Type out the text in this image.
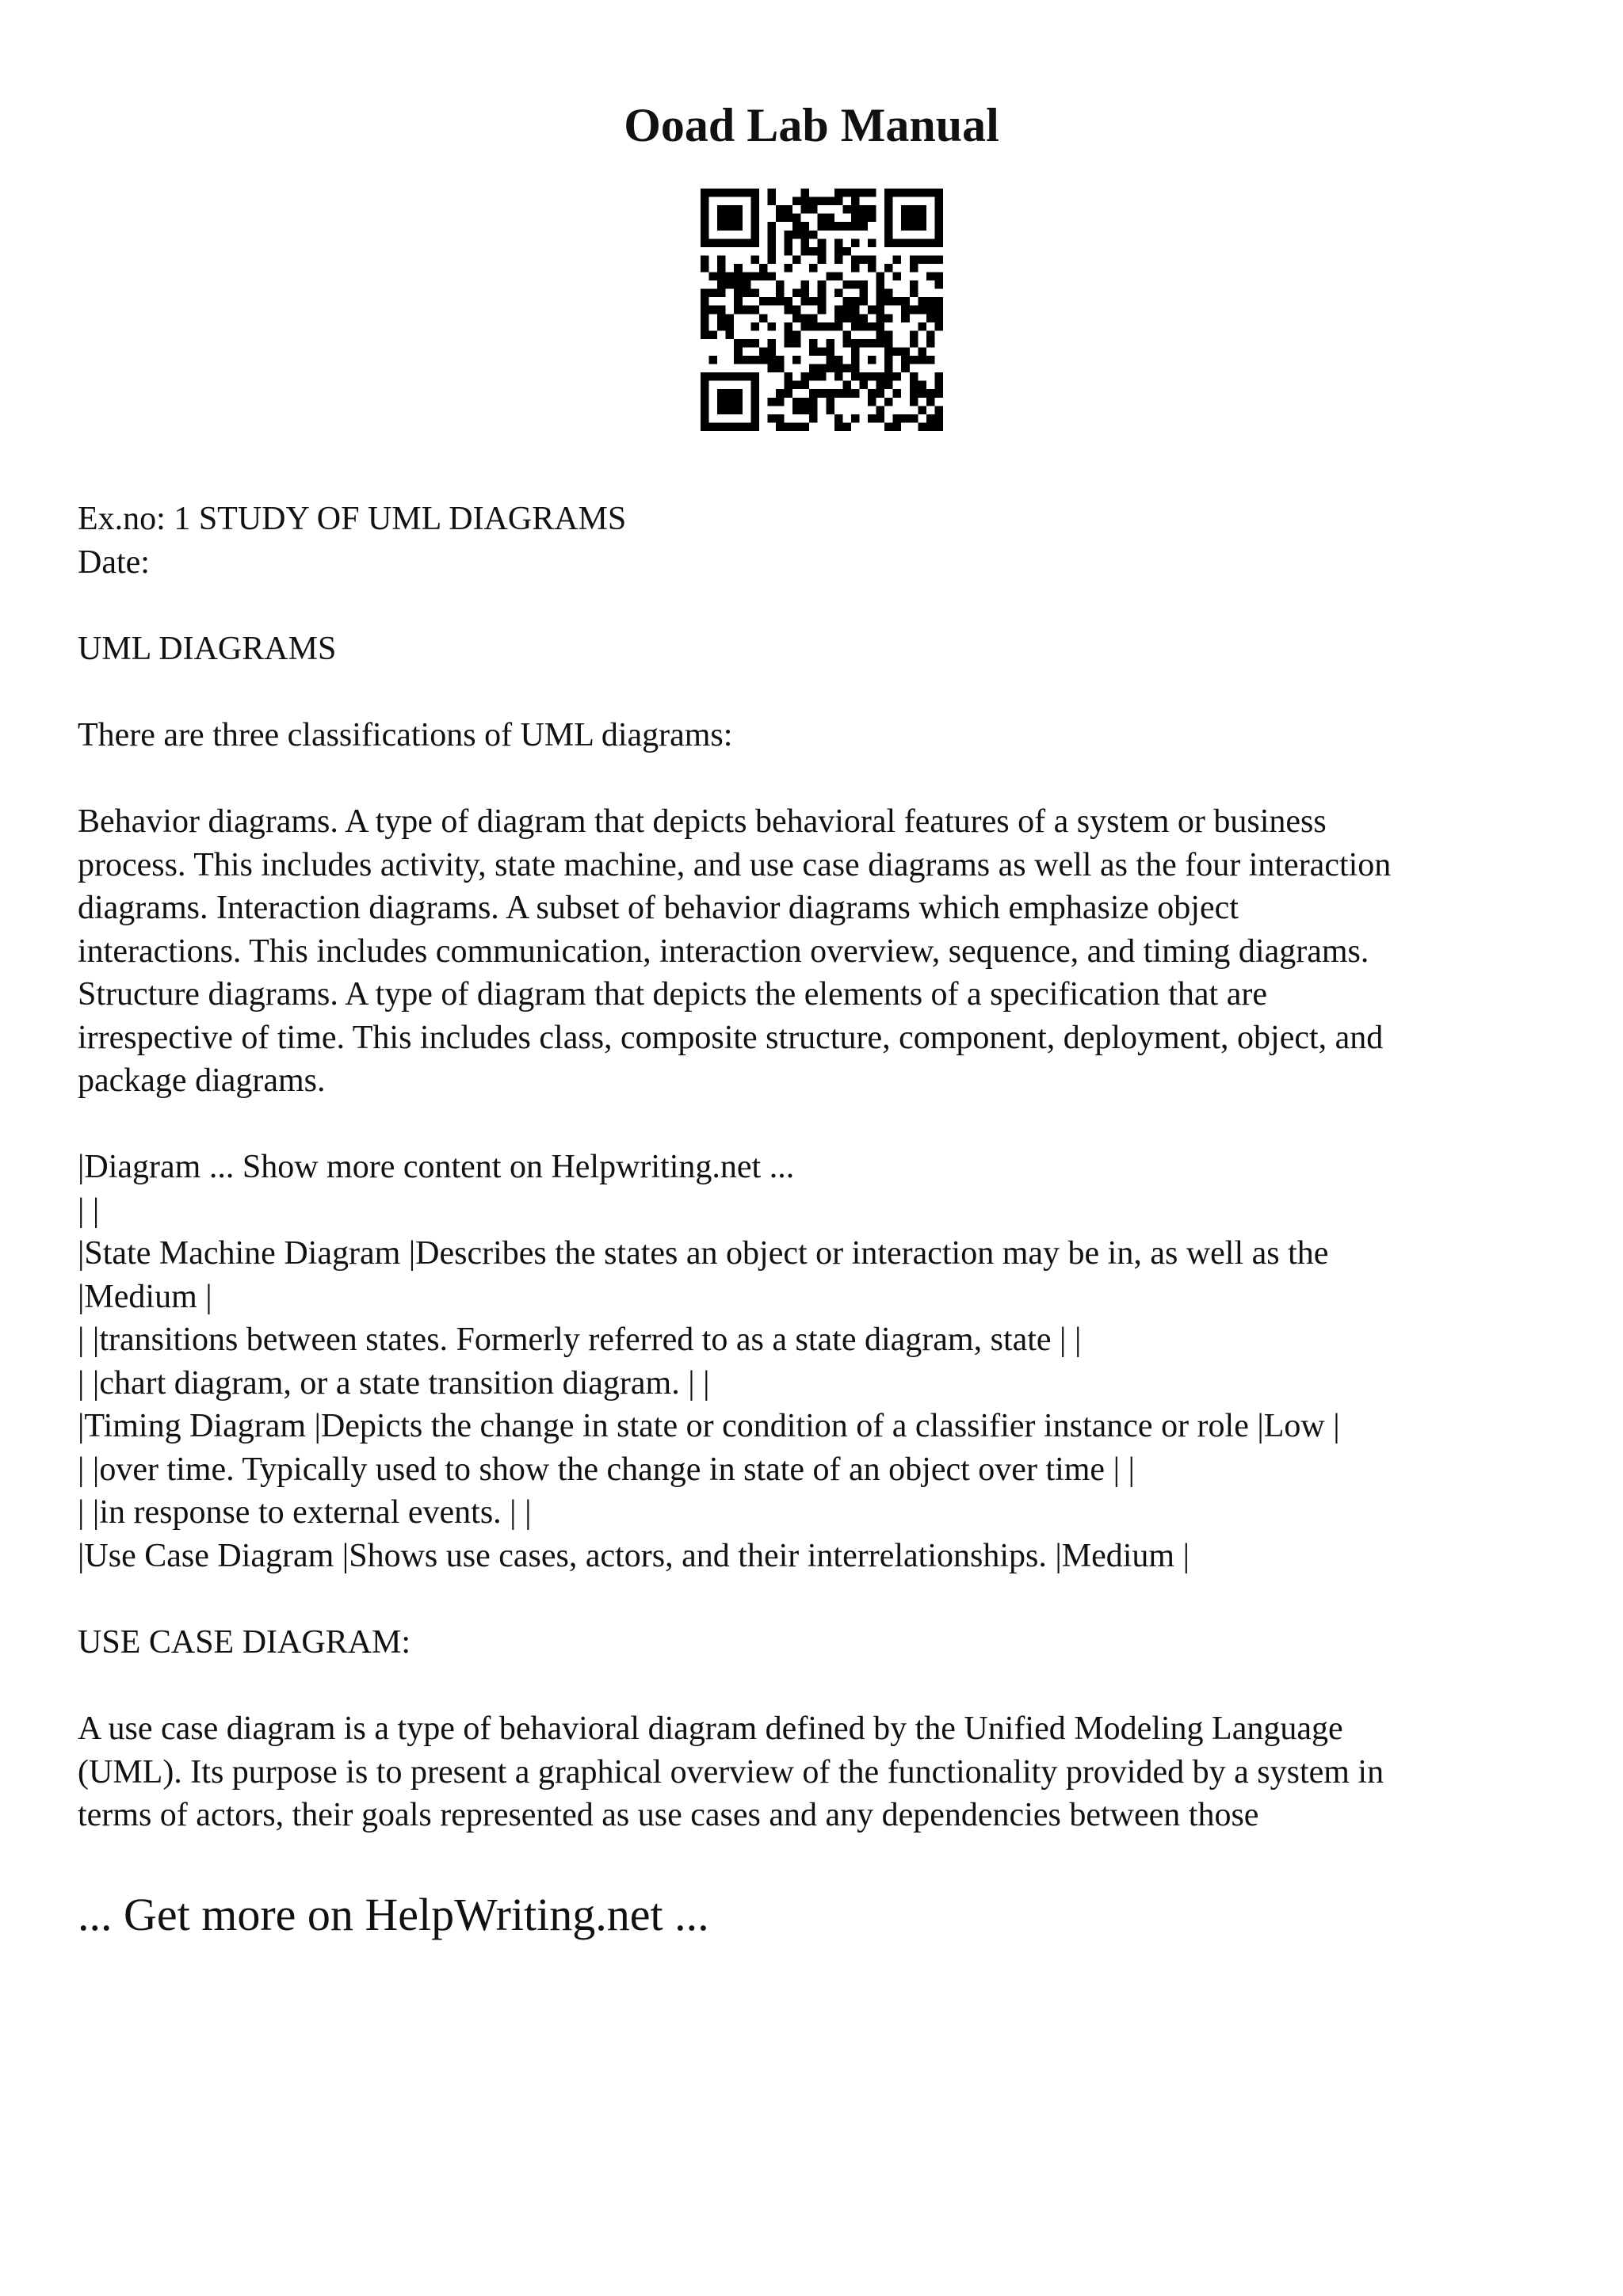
Ooad Lab Manual
Ex.no: 1 STUDY OF UML DIAGRAMS
Date:
UML DIAGRAMS
There are three classifications of UML diagrams:
Behavior diagrams. A type of diagram that depicts behavioral features of a system or business
process. This includes activity, state machine, and use case diagrams as well as the four interaction
diagrams. Interaction diagrams. A subset of behavior diagrams which emphasize object
interactions. This includes communication, interaction overview, sequence, and timing diagrams.
Structure diagrams. A type of diagram that depicts the elements of a specification that are
irrespective of time. This includes class, composite structure, component, deployment, object, and
package diagrams.
|Diagram ... Show more content on Helpwriting.net ...
| |
|State Machine Diagram |Describes the states an object or interaction may be in, as well as the
|Medium |
| |transitions between states. Formerly referred to as a state diagram, state | |
| |chart diagram, or a state transition diagram. | |
|Timing Diagram |Depicts the change in state or condition of a classifier instance or role |Low |
| |over time. Typically used to show the change in state of an object over time | |
| |in response to external events. | |
|Use Case Diagram |Shows use cases, actors, and their interrelationships. |Medium |
USE CASE DIAGRAM:
A use case diagram is a type of behavioral diagram defined by the Unified Modeling Language
(UML). Its purpose is to present a graphical overview of the functionality provided by a system in
terms of actors, their goals represented as use cases and any dependencies between those
... Get more on HelpWriting.net ...
